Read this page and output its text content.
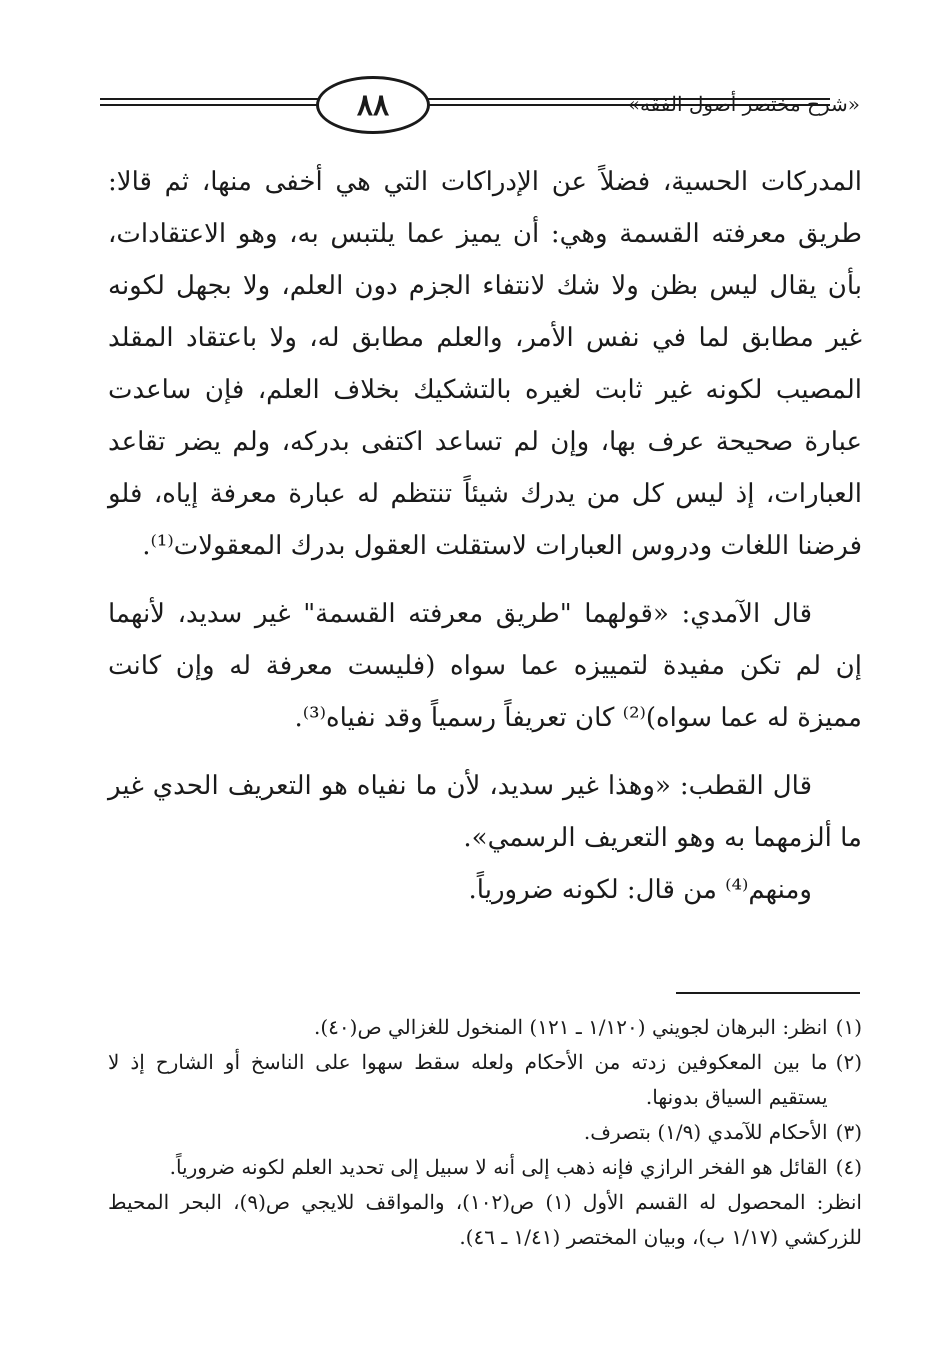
٨٨	«شرح مختصر أصول الفقه»

المدركات الحسية، فضلاً عن الإدراكات التي هي أخفى منها، ثم قالا: طريق معرفته القسمة وهي: أن يميز عما يلتبس به، وهو الاعتقادات، بأن يقال ليس بظن ولا شك لانتفاء الجزم دون العلم، ولا بجهل لكونه غير مطابق لما في نفس الأمر، والعلم مطابق له، ولا باعتقاد المقلد المصيب لكونه غير ثابت لغيره بالتشكيك بخلاف العلم، فإن ساعدت عبارة صحيحة عرف بها، وإن لم تساعد اكتفى بدركه، ولم يضر تقاعد العبارات، إذ ليس كل من يدرك شيئاً تنتظم له عبارة معرفة إياه، فلو فرضنا اللغات ودروس العبارات لاستقلت العقول بدرك المعقولات⁽¹⁾.

قال الآمدي: «قولهما "طريق معرفته القسمة" غير سديد، لأنهما إن لم تكن مفيدة لتمييزه عما سواه (فليست معرفة له وإن كانت مميزة له عما سواه)⁽²⁾ كان تعريفاً رسمياً وقد نفياه⁽³⁾.

قال القطب: «وهذا غير سديد، لأن ما نفياه هو التعريف الحدي غير ما ألزمهما به وهو التعريف الرسمي».

ومنهم⁽⁴⁾ من قال: لكونه ضرورياً.

(١)
انظر: البرهان لجويني (١/١٢٠ ـ ١٢١) المنخول للغزالي ص(٤٠).
(٢)
ما بين المعكوفين زدته من الأحكام ولعله سقط سهوا على الناسخ أو الشارح إذ لا يستقيم السياق بدونها.
(٣)
الأحكام للآمدي (١/٩) بتصرف.
(٤)
القائل هو الفخر الرازي فإنه ذهب إلى أنه لا سبيل إلى تحديد العلم لكونه ضرورياً.
انظر: المحصول له القسم الأول (١) ص(١٠٢)، والمواقف للايجي ص(٩)، البحر المحيط للزركشي (١/١٧ ب)، وبيان المختصر (١/٤١ ـ ٤٦).
